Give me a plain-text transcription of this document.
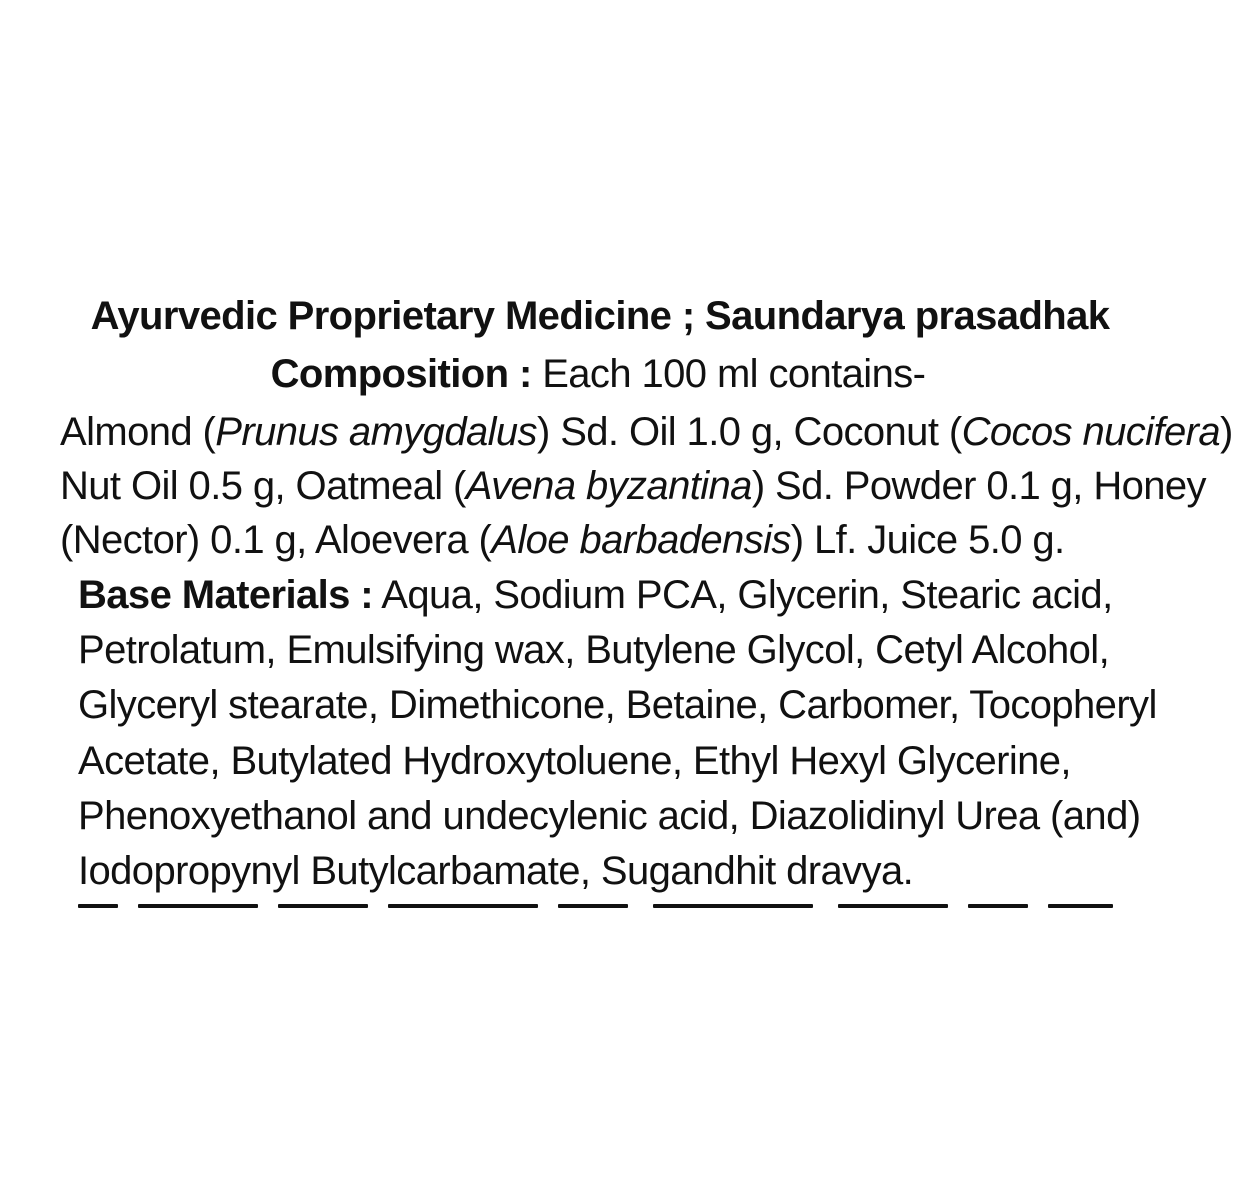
Ayurvedic Proprietary Medicine ; Saundarya prasadhak
Composition : Each 100 ml contains-
Almond (Prunus amygdalus) Sd. Oil 1.0 g, Coconut (Cocos nucifera)
Nut Oil 0.5 g, Oatmeal (Avena byzantina) Sd. Powder 0.1 g, Honey
(Nector) 0.1 g, Aloevera (Aloe barbadensis) Lf. Juice 5.0 g.
Base Materials : Aqua, Sodium PCA, Glycerin, Stearic acid,
Petrolatum, Emulsifying wax, Butylene Glycol, Cetyl Alcohol,
Glyceryl stearate, Dimethicone, Betaine, Carbomer, Tocopheryl
Acetate, Butylated Hydroxytoluene, Ethyl Hexyl Glycerine,
Phenoxyethanol and undecylenic acid, Diazolidinyl Urea (and)
Iodopropynyl Butylcarbamate, Sugandhit dravya.
